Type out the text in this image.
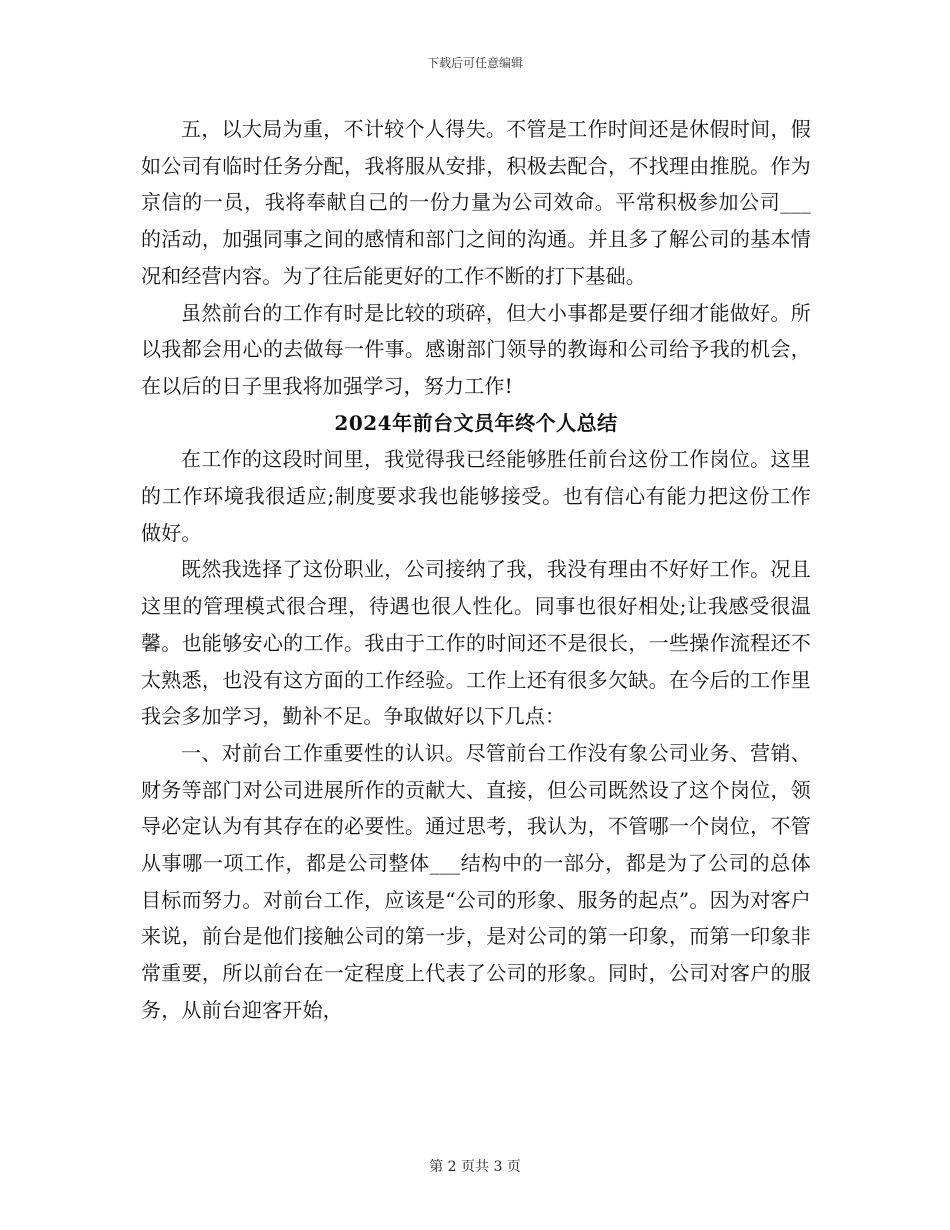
下载后可任意编辑

五，以大局为重，不计较个人得失。不管是工作时间还是休假时间，假如公司有临时任务分配，我将服从安排，积极去配合，不找理由推脱。作为京信的一员，我将奉献自己的一份力量为公司效命。平常积极参加公司___的活动，加强同事之间的感情和部门之间的沟通。并且多了解公司的基本情况和经营内容。为了往后能更好的工作不断的打下基础。

虽然前台的工作有时是比较的琐碎，但大小事都是要仔细才能做好。所以我都会用心的去做每一件事。感谢部门领导的教诲和公司给予我的机会，在以后的日子里我将加强学习，努力工作!

2024年前台文员年终个人总结

在工作的这段时间里，我觉得我已经能够胜任前台这份工作岗位。这里的工作环境我很适应;制度要求我也能够接受。也有信心有能力把这份工作做好。

既然我选择了这份职业，公司接纳了我，我没有理由不好好工作。况且这里的管理模式很合理，待遇也很人性化。同事也很好相处;让我感受很温馨。也能够安心的工作。我由于工作的时间还不是很长，一些操作流程还不太熟悉，也没有这方面的工作经验。工作上还有很多欠缺。在今后的工作里我会多加学习，勤补不足。争取做好以下几点：

一、对前台工作重要性的认识。尽管前台工作没有象公司业务、营销、财务等部门对公司进展所作的贡献大、直接，但公司既然设了这个岗位，领导必定认为有其存在的必要性。通过思考，我认为，不管哪一个岗位，不管从事哪一项工作，都是公司整体___结构中的一部分，都是为了公司的总体目标而努力。对前台工作，应该是“公司的形象、服务的起点”。因为对客户来说，前台是他们接触公司的第一步，是对公司的第一印象，而第一印象非常重要，所以前台在一定程度上代表了公司的形象。同时，公司对客户的服务，从前台迎客开始，

第 2 页共 3 页
